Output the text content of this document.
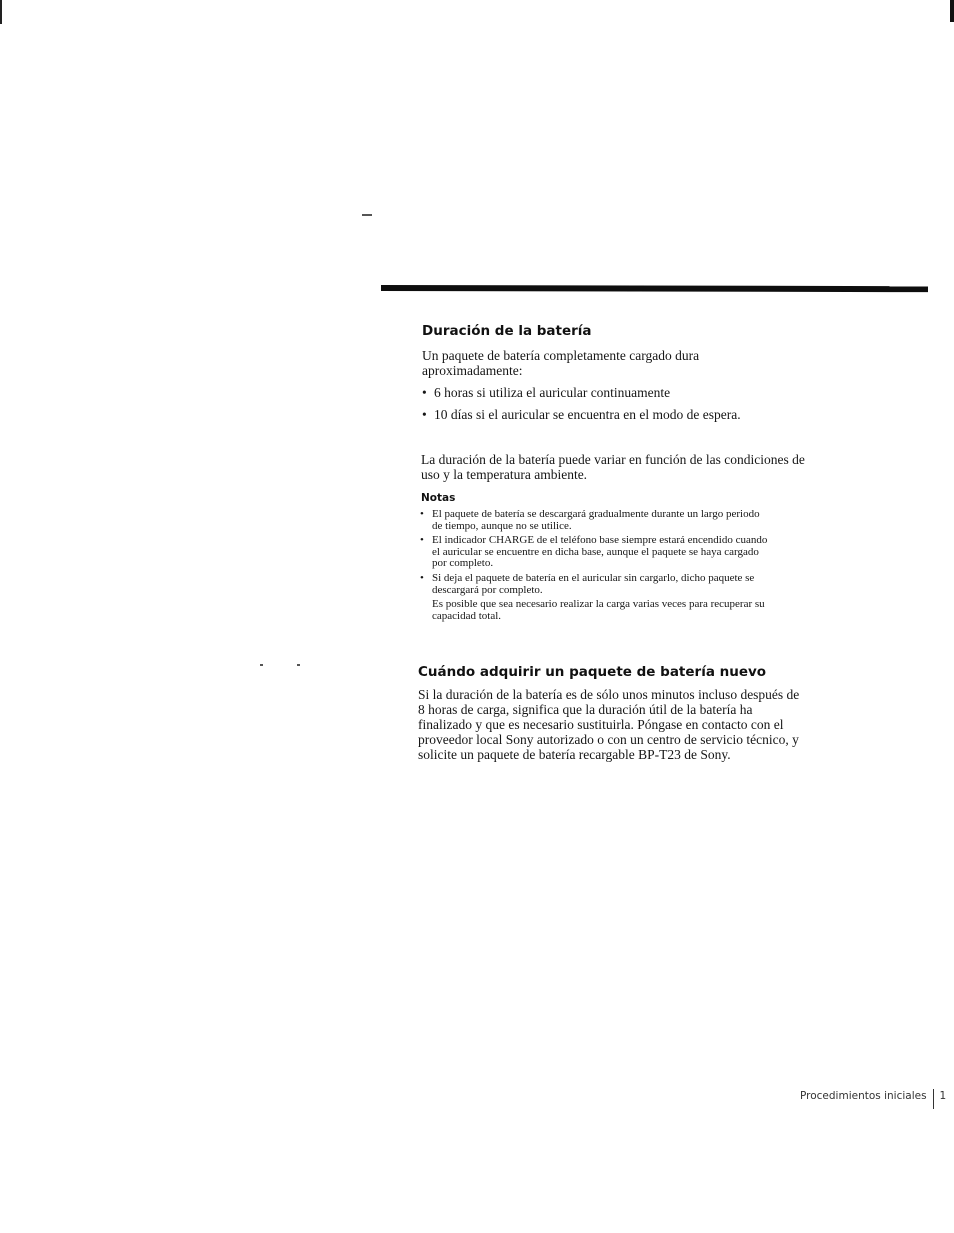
Duración de la batería
Un paquete de batería completamente cargado dura
aproximadamente:
• 6 horas si utiliza el auricular continuamente
• 10 días si el auricular se encuentra en el modo de espera.
La duración de la batería puede variar en función de las condiciones de
uso y la temperatura ambiente.
Notas
• El paquete de batería se descargará gradualmente durante un largo periodo
de tiempo, aunque no se utilice.
• El indicador CHARGE de el teléfono base siempre estará encendido cuando
el auricular se encuentre en dicha base, aunque el paquete se haya cargado
por completo.
• Si deja el paquete de batería en el auricular sin cargarlo, dicho paquete se
descargará por completo.
Es posible que sea necesario realizar la carga varias veces para recuperar su
capacidad total.
Cuándo adquirir un paquete de batería nuevo
Si la duración de la batería es de sólo unos minutos incluso después de
8 horas de carga, significa que la duración útil de la batería ha
finalizado y que es necesario sustituirla. Póngase en contacto con el
proveedor local Sony autorizado o con un centro de servicio técnico, y
solicite un paquete de batería recargable BP-T23 de Sony.
Procedimientos iniciales 1
